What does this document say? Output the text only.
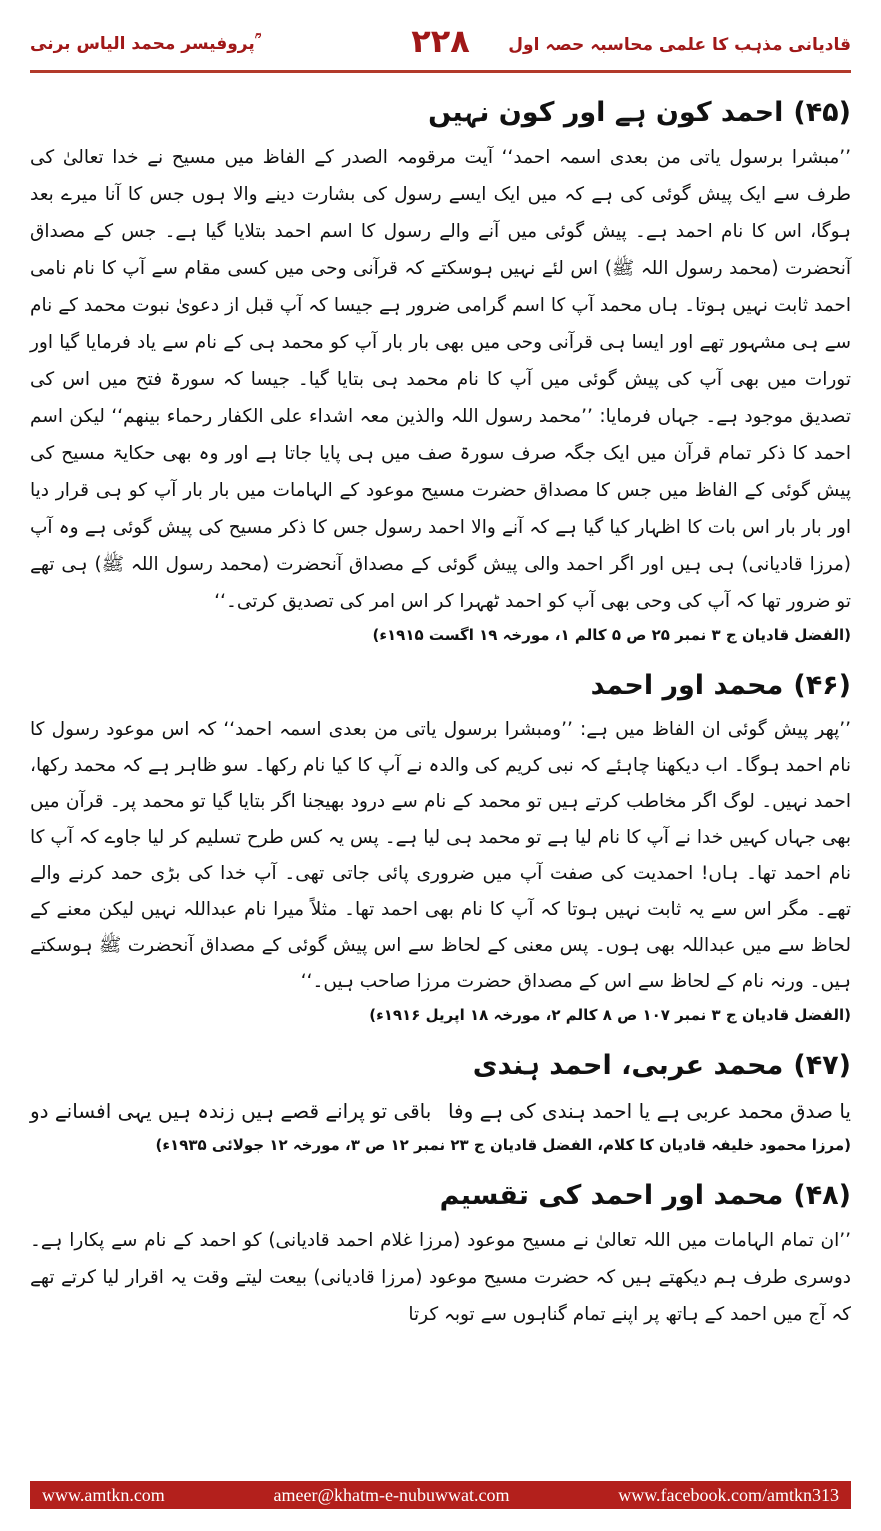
قادیانی مذہب کا علمی محاسبہ حصہ اول
۲۲۸
پروفیسر محمد الیاس برنی ؒ
(۴۵)احمد کون ہے اور کون نہیں

’’مبشرا برسول یاتی من بعدی اسمہ احمد‘‘ آیت مرقومہ الصدر کے الفاظ میں مسیح نے خدا تعالیٰ کی طرف سے ایک پیش گوئی کی ہے کہ میں ایک ایسے رسول کی بشارت دینے والا ہوں جس کا آنا میرے بعد ہوگا، اس کا نام احمد ہے۔ پیش گوئی میں آنے والے رسول کا اسم احمد بتلایا گیا ہے۔ جس کے مصداق آنحضرت (محمد رسول اللہ ﷺ) اس لئے نہیں ہوسکتے کہ قرآنی وحی میں کسی مقام سے آپ کا نام نامی احمد ثابت نہیں ہوتا۔ ہاں محمد آپ کا اسم گرامی ضرور ہے جیسا کہ آپ قبل از دعویٰ نبوت محمد کے نام سے ہی مشہور تھے اور ایسا ہی قرآنی وحی میں بھی بار بار آپ کو محمد ہی کے نام سے یاد فرمایا گیا اور تورات میں بھی آپ کی پیش گوئی میں آپ کا نام محمد ہی بتایا گیا۔ جیسا کہ سورۃ فتح میں اس کی تصدیق موجود ہے۔ جہاں فرمایا: ’’محمد رسول اللہ والذین معہ اشداء علی الکفار رحماء بینھم‘‘ لیکن اسم احمد کا ذکر تمام قرآن میں ایک جگہ صرف سورۃ صف میں ہی پایا جاتا ہے اور وہ بھی حکایۃ مسیح کی پیش گوئی کے الفاظ میں جس کا مصداق حضرت مسیح موعود کے الہامات میں بار بار آپ کو ہی قرار دیا اور بار بار اس بات کا اظہار کیا گیا ہے کہ آنے والا احمد رسول جس کا ذکر مسیح کی پیش گوئی ہے وہ آپ (مرزا قادیانی) ہی ہیں اور اگر احمد والی پیش گوئی کے مصداق آنحضرت (محمد رسول اللہ ﷺ) ہی تھے تو ضرور تھا کہ آپ کی وحی بھی آپ کو احمد ٹھہرا کر اس امر کی تصدیق کرتی۔‘‘

(الفضل قادیان ج ۳ نمبر ۲۵ ص ۵ کالم ۱، مورخہ ۱۹ اگست ۱۹۱۵ء)
(۴۶)محمد اور احمد

’’پھر پیش گوئی ان الفاظ میں ہے: ’’ومبشرا برسول یاتی من بعدی اسمہ احمد‘‘ کہ اس موعود رسول کا نام احمد ہوگا۔ اب دیکھنا چاہئے کہ نبی کریم کی والدہ نے آپ کا کیا نام رکھا۔ سو ظاہر ہے کہ محمد رکھا، احمد نہیں۔ لوگ اگر مخاطب کرتے ہیں تو محمد کے نام سے درود بھیجنا اگر بتایا گیا تو محمد پر۔ قرآن میں بھی جہاں کہیں خدا نے آپ کا نام لیا ہے تو محمد ہی لیا ہے۔ پس یہ کس طرح تسلیم کر لیا جاوے کہ آپ کا نام احمد تھا۔ ہاں! احمدیت کی صفت آپ میں ضروری پائی جاتی تھی۔ آپ خدا کی بڑی حمد کرنے والے تھے۔ مگر اس سے یہ ثابت نہیں ہوتا کہ آپ کا نام بھی احمد تھا۔ مثلاً میرا نام عبداللہ نہیں لیکن معنے کے لحاظ سے میں عبداللہ بھی ہوں۔ پس معنی کے لحاظ سے اس پیش گوئی کے مصداق آنحضرت ﷺ ہوسکتے ہیں۔ ورنہ نام کے لحاظ سے اس کے مصداق حضرت مرزا صاحب ہیں۔‘‘

(الفضل قادیان ج ۳ نمبر ۱۰۷ ص ۸ کالم ۲، مورخہ ۱۸ اپریل ۱۹۱۶ء)
(۴۷)محمد عربی، احمد ہندی
یا صدق محمد عربی ہے یا احمد ہندی کی ہے وفا
باقی تو پرانے قصے ہیں زندہ ہیں یہی افسانے دو
(مرزا محمود خلیفہ قادیان کا کلام، الفضل قادیان ج ۲۳ نمبر ۱۲ ص ۳، مورخہ ۱۲ جولائی ۱۹۳۵ء)
(۴۸)محمد اور احمد کی تقسیم

’’ان تمام الہامات میں اللہ تعالیٰ نے مسیح موعود (مرزا غلام احمد قادیانی) کو احمد کے نام سے پکارا ہے۔ دوسری طرف ہم دیکھتے ہیں کہ حضرت مسیح موعود (مرزا قادیانی) بیعت لیتے وقت یہ اقرار لیا کرتے تھے کہ آج میں احمد کے ہاتھ پر اپنے تمام گناہوں سے توبہ کرتا

www.amtkn.com	ameer@khatm-e-nubuwwat.com	www.facebook.com/amtkn313
